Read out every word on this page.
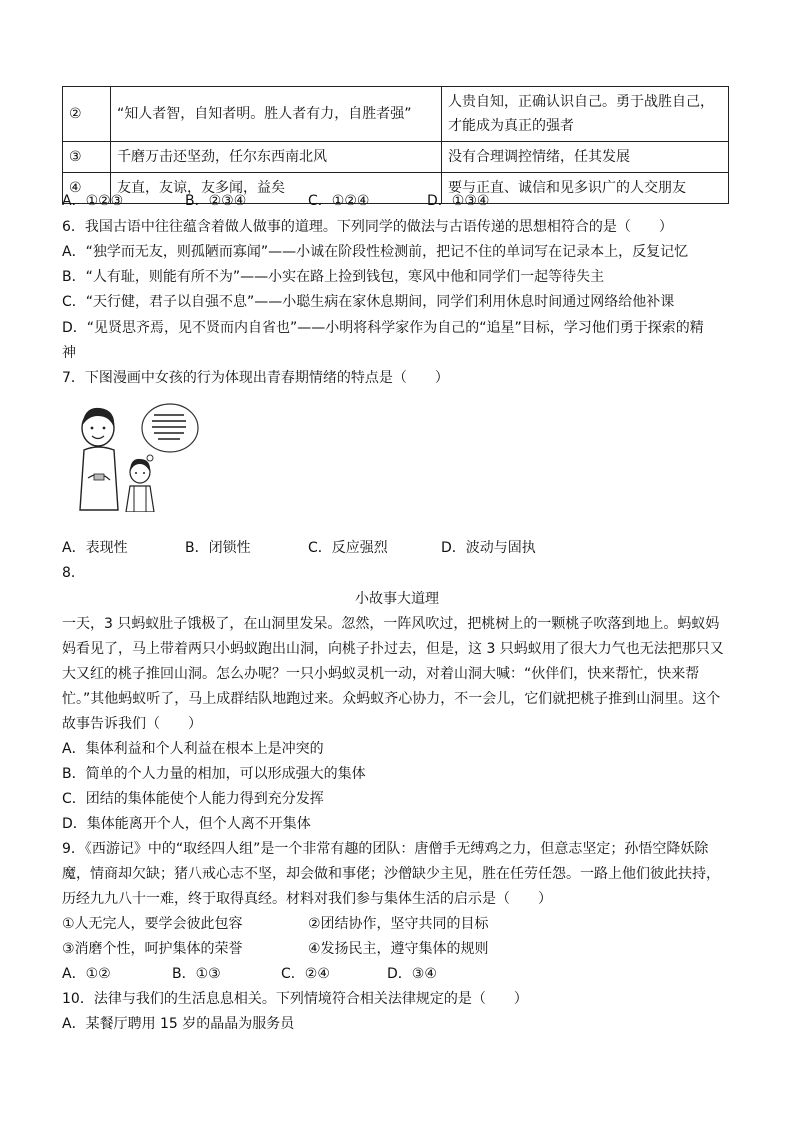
②	“知人者智，自知者明。胜人者有力，自胜者强”	人贵自知，正确认识自己。勇于战胜自己，才能成为真正的强者
③	千磨万击还坚劲，任尔东西南北风	没有合理调控情绪，任其发展
④	友直，友谅，友多闻，益矣	要与正直、诚信和见多识广的人交朋友
A．①②③	B．②③④	C．①②④	D．①③④
6．我国古语中往往蕴含着做人做事的道理。下列同学的做法与古语传递的思想相符合的是（　　）
A．“独学而无友，则孤陋而寡闻”——小诚在阶段性检测前，把记不住的单词写在记录本上，反复记忆
B．“人有耻，则能有所不为”——小实在路上捡到钱包，寒风中他和同学们一起等待失主
C．“天行健，君子以自强不息”——小聪生病在家休息期间，同学们利用休息时间通过网络给他补课
D．“见贤思齐焉，见不贤而内自省也”——小明将科学家作为自己的“追星”目标，学习他们勇于探索的精
神
7．下图漫画中女孩的行为体现出青春期情绪的特点是（　　）
A．表现性	B．闭锁性	C．反应强烈	D．波动与固执
8．
小故事大道理
一天，3 只蚂蚁肚子饿极了，在山洞里发呆。忽然，一阵风吹过，把桃树上的一颗桃子吹落到地上。蚂蚁妈
妈看见了，马上带着两只小蚂蚁跑出山洞，向桃子扑过去，但是，这 3 只蚂蚁用了很大力气也无法把那只又
大又红的桃子推回山洞。怎么办呢？一只小蚂蚁灵机一动，对着山洞大喊：“伙伴们，快来帮忙，快来帮
忙。”其他蚂蚁听了，马上成群结队地跑过来。众蚂蚁齐心协力，不一会儿，它们就把桃子推到山洞里。这个
故事告诉我们（　　）
A．集体利益和个人利益在根本上是冲突的
B．简单的个人力量的相加，可以形成强大的集体
C．团结的集体能使个人能力得到充分发挥
D．集体能离开个人，但个人离不开集体
9．《西游记》中的“取经四人组”是一个非常有趣的团队：唐僧手无缚鸡之力，但意志坚定；孙悟空降妖除
魔，情商却欠缺；猪八戒心志不坚，却会做和事佬；沙僧缺少主见，胜在任劳任怨。一路上他们彼此扶持，
历经九九八十一难，终于取得真经。材料对我们参与集体生活的启示是（　　）
①人无完人，要学会彼此包容	②团结协作，坚守共同的目标
③消磨个性，呵护集体的荣誉	④发扬民主，遵守集体的规则
A．①②	B．①③	C．②④	D．③④
10．法律与我们的生活息息相关。下列情境符合相关法律规定的是（　　）
A．某餐厅聘用 15 岁的晶晶为服务员
